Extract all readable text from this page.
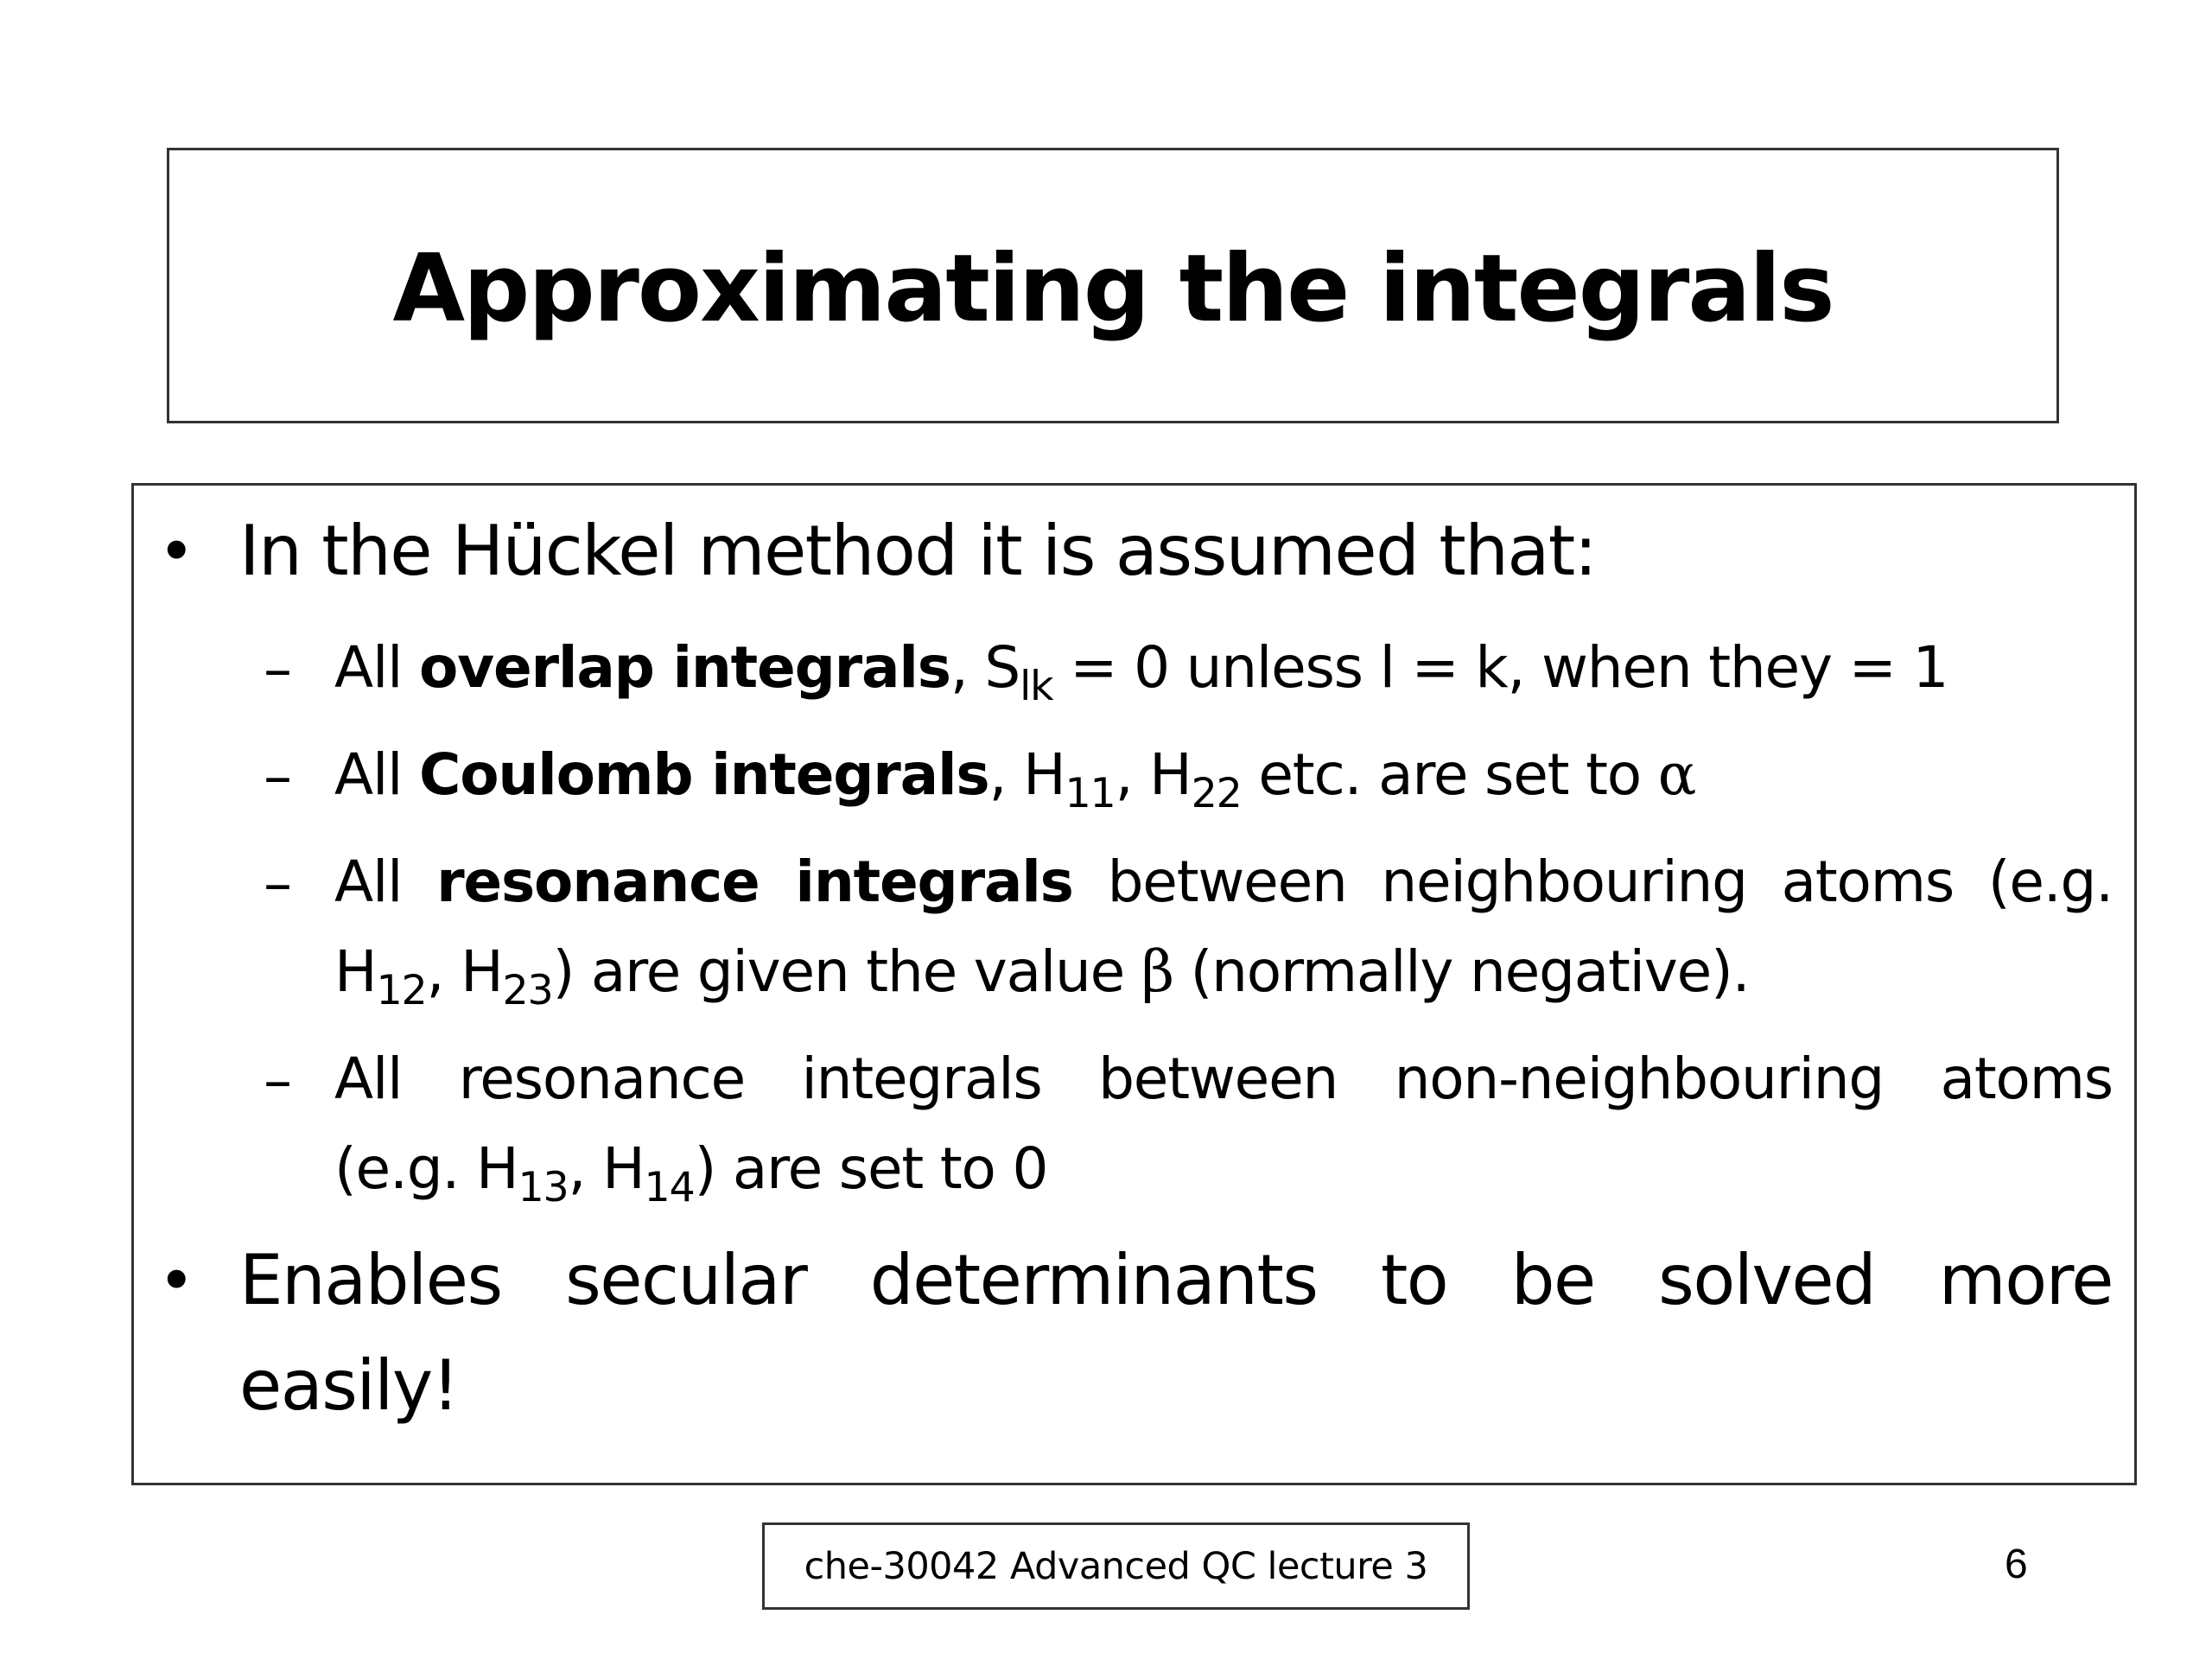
Approximating the integrals
• In the Hückel method it is assumed that:
– All overlap integrals, $S_{lk} = 0$ unless l = k, when they = 1
– All Coulomb integrals, $H_{11}$, $H_{22}$ etc. are set to α
– All resonance integrals between neighbouring atoms (e.g.
$H_{12}$, $H_{23}$) are given the value β (normally negative).
– All resonance integrals between non-neighbouring atoms
(e.g. $H_{13}$, $H_{14}$) are set to 0
• Enables secular determinants to be solved more
easily!
che-30042 Advanced QC lecture 3	6
